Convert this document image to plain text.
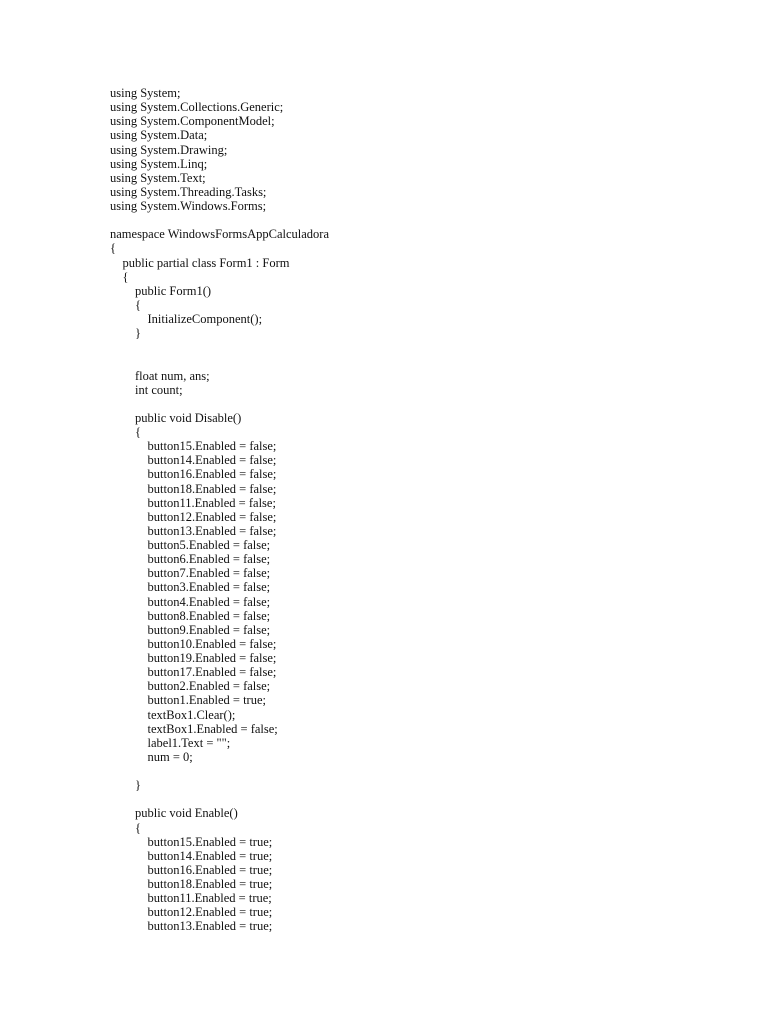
using System;
using System.Collections.Generic;
using System.ComponentModel;
using System.Data;
using System.Drawing;
using System.Linq;
using System.Text;
using System.Threading.Tasks;
using System.Windows.Forms;
namespace WindowsFormsAppCalculadora
{
public partial class Form1 : Form
{
public Form1()
{
InitializeComponent();
}
float num, ans;
int count;
public void Disable()
{
button15.Enabled = false;
button14.Enabled = false;
button16.Enabled = false;
button18.Enabled = false;
button11.Enabled = false;
button12.Enabled = false;
button13.Enabled = false;
button5.Enabled = false;
button6.Enabled = false;
button7.Enabled = false;
button3.Enabled = false;
button4.Enabled = false;
button8.Enabled = false;
button9.Enabled = false;
button10.Enabled = false;
button19.Enabled = false;
button17.Enabled = false;
button2.Enabled = false;
button1.Enabled = true;
textBox1.Clear();
textBox1.Enabled = false;
label1.Text = "";
num = 0;
}
public void Enable()
{
button15.Enabled = true;
button14.Enabled = true;
button16.Enabled = true;
button18.Enabled = true;
button11.Enabled = true;
button12.Enabled = true;
button13.Enabled = true;
